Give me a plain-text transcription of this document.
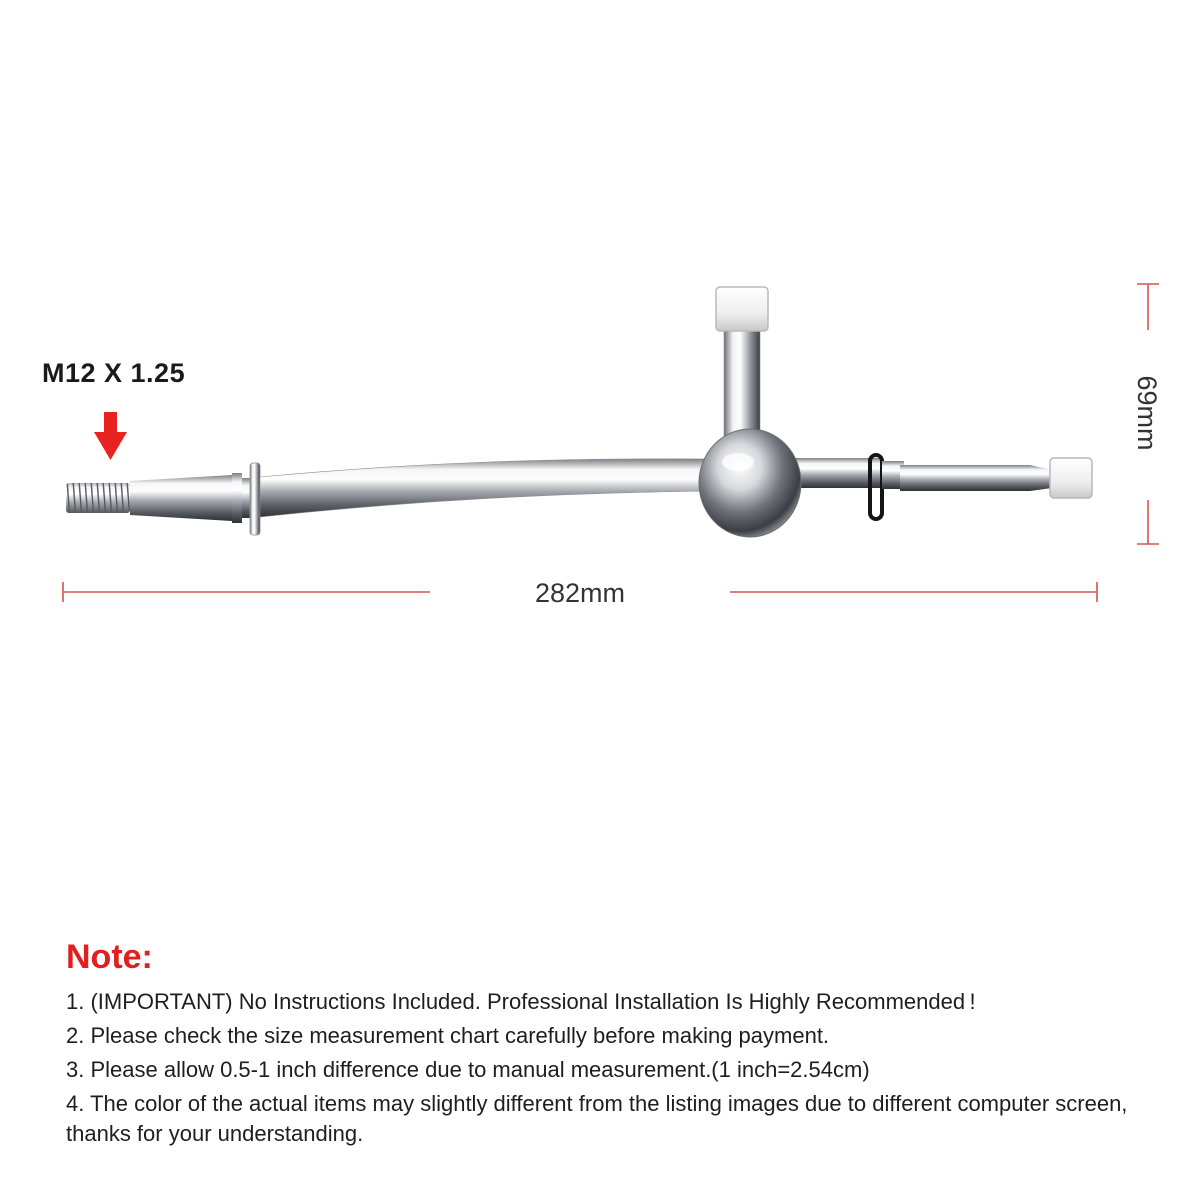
M12 X 1.25
282mm
69mm
Note:
1. (IMPORTANT) No Instructions Included. Professional Installation Is Highly Recommended !
2. Please check the size measurement chart carefully before making payment.
3. Please allow 0.5-1 inch difference due to manual measurement.(1 inch=2.54cm)
4. The color of the actual items may slightly different from the listing images due to different computer screen, thanks for your understanding.
